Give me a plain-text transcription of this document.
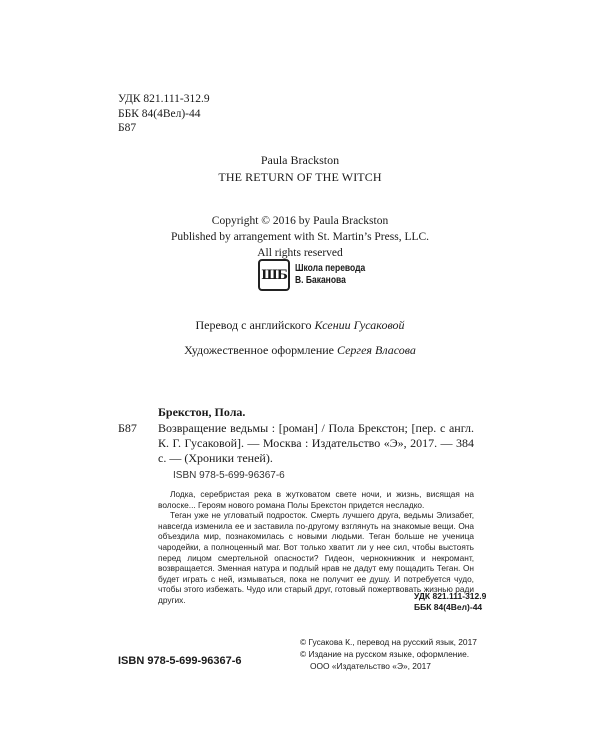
УДК 821.111-312.9
ББК 84(4Вел)-44
Б87
Paula Brackston
THE RETURN OF THE WITCH
Copyright © 2016 by Paula Brackston
Published by arrangement with St. Martin’s Press, LLC.
All rights reserved
ШБ Школа перевода
В. Баканова
Перевод с английского Ксении Гусаковой
Художественное оформление Сергея Власова
Брекстон, Пола.
Б87 Возвращение ведьмы : [роман] / Пола Брекстон; [пер. с англ. К. Г. Гусаковой]. — Москва : Издательство «Э», 2017. — 384 с. — (Хроники теней).
ISBN 978-5-699-96367-6

Лодка, серебристая река в жутковатом свете ночи, и жизнь, висящая на волоске... Героям нового романа Полы Брекстон придется несладко.

Теган уже не угловатый подросток. Смерть лучшего друга, ведьмы Элизабет, навсегда изменила ее и заставила по-другому взглянуть на знакомые вещи. Она объездила мир, познакомилась с новыми людьми. Теган больше не ученица чародейки, а полноценный маг. Вот только хватит ли у нее сил, чтобы выстоять перед лицом смертельной опасности? Гидеон, чернокнижник и некромант, возвращается. Зменная натура и подлый нрав не дадут ему пощадить Теган. Он будет играть с ней, измываться, пока не получит ее душу. И потребуется чудо, чтобы этого избежать. Чудо или старый друг, готовый пожертвовать жизнью ради других.	УДК 821.111-312.9
ББК 84(4Вел)-44
© Гусакова К., перевод на русский язык, 2017
© Издание на русском языке, оформление.
ООО «Издательство «Э», 2017
ISBN 978-5-699-96367-6
